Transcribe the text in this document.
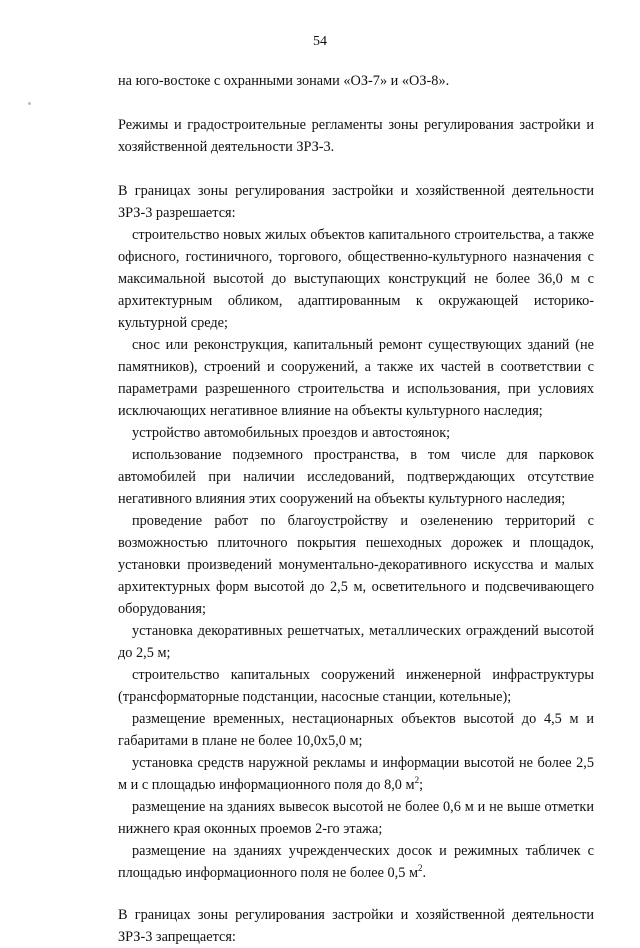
54

на юго-востоке с охранными зонами «ОЗ-7» и «ОЗ-8».

Режимы и градостроительные регламенты зоны регулирования застройки и хозяйственной деятельности ЗРЗ-3.

В границах зоны регулирования застройки и хозяйственной деятельности ЗРЗ-3 разрешается:

строительство новых жилых объектов капитального строительства, а также офисного, гостиничного, торгового, общественно-культурного назначения с максимальной высотой до выступающих конструкций не более 36,0 м с архитектурным обликом, адаптированным к окружающей историко-культурной среде;

снос или реконструкция, капитальный ремонт существующих зданий (не памятников), строений и сооружений, а также их частей в соответствии с параметрами разрешенного строительства и использования, при условиях исключающих негативное влияние на объекты культурного наследия;

устройство автомобильных проездов и автостоянок;

использование подземного пространства, в том числе для парковок автомобилей при наличии исследований, подтверждающих отсутствие негативного влияния этих сооружений на объекты культурного наследия;

проведение работ по благоустройству и озеленению территорий с возможностью плиточного покрытия пешеходных дорожек и площадок, установки произведений монументально-декоративного искусства и малых архитектурных форм высотой до 2,5 м, осветительного и подсвечивающего оборудования;

установка декоративных решетчатых, металлических ограждений высотой до 2,5 м;

строительство капитальных сооружений инженерной инфраструктуры (трансформаторные подстанции, насосные станции, котельные);

размещение временных, нестационарных объектов высотой до 4,5 м и габаритами в плане не более 10,0х5,0 м;

установка средств наружной рекламы и информации высотой не более 2,5 м и с площадью информационного поля до 8,0 $м^2$;

размещение на зданиях вывесок высотой не более 0,6 м и не выше отметки нижнего края оконных проемов 2-го этажа;

размещение на зданиях учрежденческих досок и режимных табличек с площадью информационного поля не более 0,5 $м^2$.

В границах зоны регулирования застройки и хозяйственной деятельности ЗРЗ-3 запрещается:
